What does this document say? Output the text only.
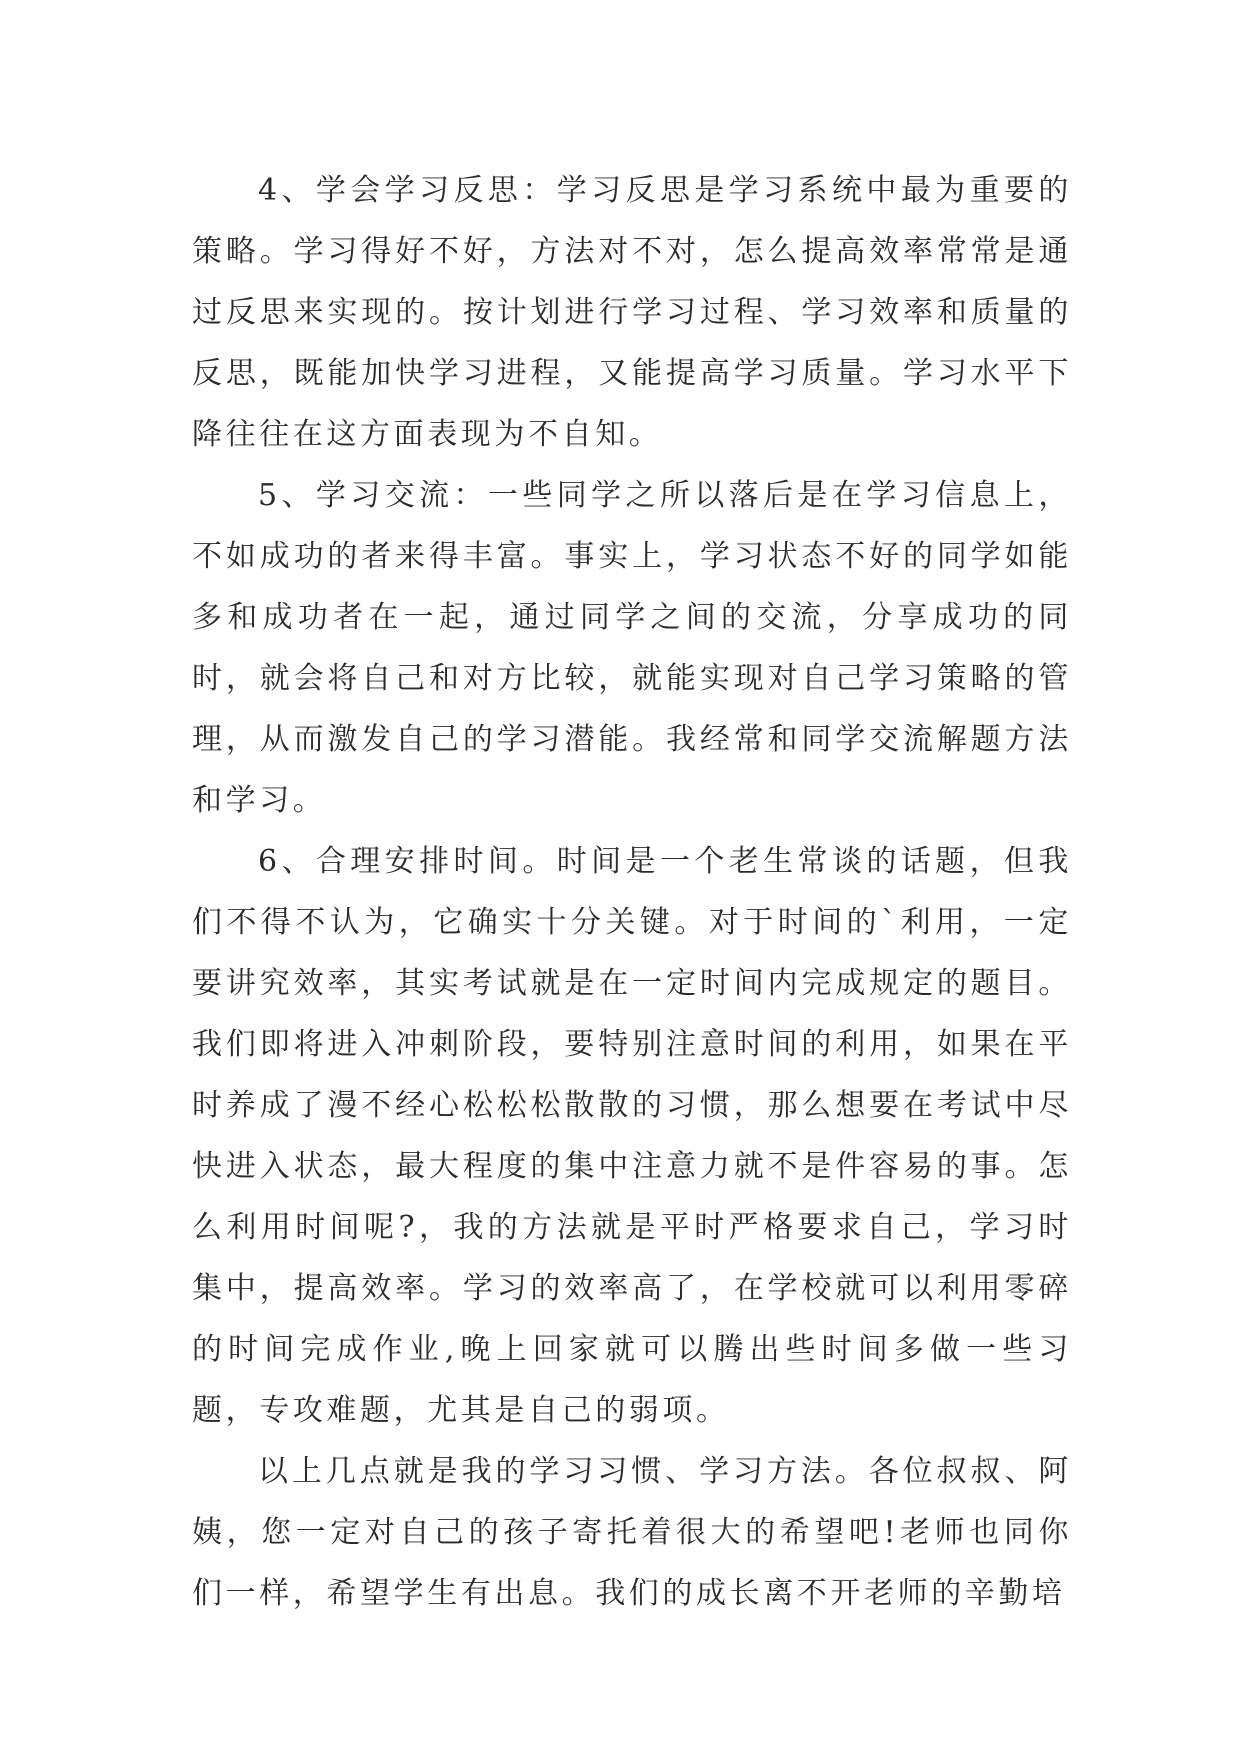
4、学会学习反思：学习反思是学习系统中最为重要的策略。学习得好不好，方法对不对，怎么提高效率常常是通过反思来实现的。按计划进行学习过程、学习效率和质量的反思，既能加快学习进程，又能提高学习质量。学习水平下降往往在这方面表现为不自知。

5、学习交流：一些同学之所以落后是在学习信息上，不如成功的者来得丰富。事实上，学习状态不好的同学如能多和成功者在一起，通过同学之间的交流，分享成功的同时，就会将自己和对方比较，就能实现对自己学习策略的管理，从而激发自己的学习潜能。我经常和同学交流解题方法和学习。

6、合理安排时间。时间是一个老生常谈的话题，但我们不得不认为，它确实十分关键。对于时间的`利用，一定要讲究效率，其实考试就是在一定时间内完成规定的题目。我们即将进入冲刺阶段，要特别注意时间的利用，如果在平时养成了漫不经心松松松散散的习惯，那么想要在考试中尽快进入状态，最大程度的集中注意力就不是件容易的事。怎么利用时间呢?，我的方法就是平时严格要求自己，学习时集中，提高效率。学习的效率高了，在学校就可以利用零碎的时间完成作业,晚上回家就可以腾出些时间多做一些习题，专攻难题，尤其是自己的弱项。

以上几点就是我的学习习惯、学习方法。各位叔叔、阿姨，您一定对自己的孩子寄托着很大的希望吧!老师也同你们一样，希望学生有出息。我们的成长离不开老师的辛勤培
